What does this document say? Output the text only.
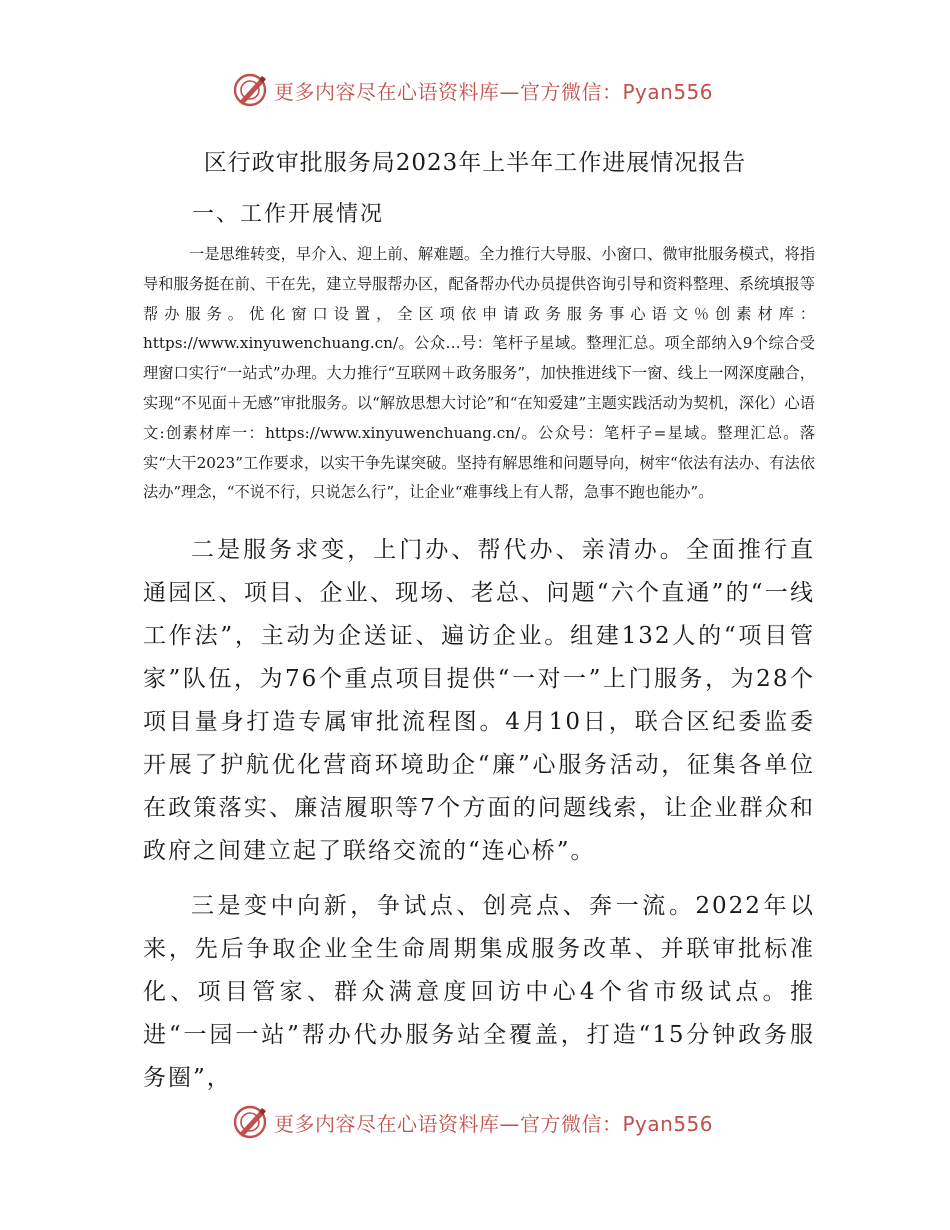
更多内容尽在心语资料库—官方微信：Pyan556
区行政审批服务局2023年上半年工作进展情况报告
一、工作开展情况

一是思维转变，早介入、迎上前、解难题。全力推行大导服、小窗口、微审批服务模式，将指导和服务挺在前、干在先，建立导服帮办区，配备帮办代办员提供咨询引导和资料整理、系统填报等帮办服务。优化窗口设置，全区项依申请政务服务事心语文％创素材库：https://www.xinyuwenchuang.cn/。公众…号：笔杆子星域。整理汇总。项全部纳入9个综合受理窗口实行“一站式”办理。大力推行“互联网＋政务服务”，加快推进线下一窗、线上一网深度融合，实现“不见面＋无感”审批服务。以“解放思想大讨论”和“在知爱建”主题实践活动为契机，深化）心语文:创素材库一：https://www.xinyuwenchuang.cn/。公众号：笔杆子=星域。整理汇总。落实“大干2023”工作要求，以实干争先谋突破。坚持有解思维和问题导向，树牢“依法有法办、有法依法办”理念，“不说不行，只说怎么行”，让企业“难事线上有人帮，急事不跑也能办”。

二是服务求变，上门办、帮代办、亲清办。全面推行直通园区、项目、企业、现场、老总、问题“六个直通”的“一线工作法”，主动为企送证、遍访企业。组建132人的“项目管家”队伍，为76个重点项目提供“一对一”上门服务，为28个项目量身打造专属审批流程图。4月10日，联合区纪委监委开展了护航优化营商环境助企“廉”心服务活动，征集各单位在政策落实、廉洁履职等7个方面的问题线索，让企业群众和政府之间建立起了联络交流的“连心桥”。

三是变中向新，争试点、创亮点、奔一流。2022年以来，先后争取企业全生命周期集成服务改革、并联审批标准化、项目管家、群众满意度回访中心4个省市级试点。推进“一园一站”帮办代办服务站全覆盖，打造“15分钟政务服务圈”，

更多内容尽在心语资料库—官方微信：Pyan556
